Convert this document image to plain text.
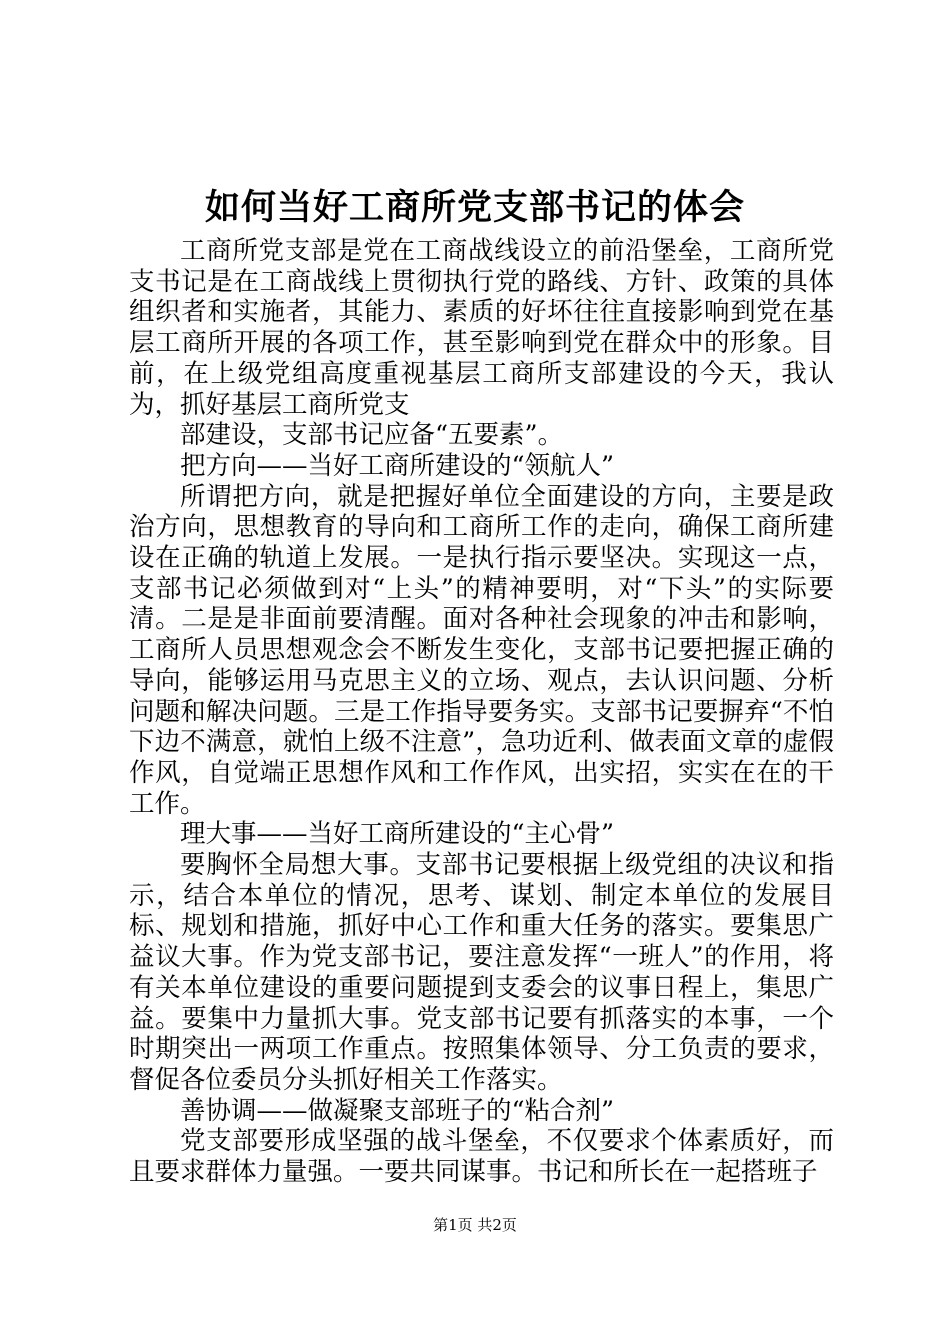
如何当好工商所党支部书记的体会

工商所党支部是党在工商战线设立的前沿堡垒，工商所党支书记是在工商战线上贯彻执行党的路线、方针、政策的具体组织者和实施者，其能力、素质的好坏往往直接影响到党在基层工商所开展的各项工作，甚至影响到党在群众中的形象。目前，在上级党组高度重视基层工商所支部建设的今天，我认为，抓好基层工商所党支

部建设，支部书记应备“五要素”。

把方向——当好工商所建设的“领航人”

所谓把方向，就是把握好单位全面建设的方向，主要是政治方向，思想教育的导向和工商所工作的走向，确保工商所建设在正确的轨道上发展。一是执行指示要坚决。实现这一点，支部书记必须做到对“上头”的精神要明，对“下头”的实际要清。二是是非面前要清醒。面对各种社会现象的冲击和影响，工商所人员思想观念会不断发生变化，支部书记要把握正确的导向，能够运用马克思主义的立场、观点，去认识问题、分析问题和解决问题。三是工作指导要务实。支部书记要摒弃“不怕下边不满意，就怕上级不注意”，急功近利、做表面文章的虚假作风，自觉端正思想作风和工作作风，出实招，实实在在的干工作。

理大事——当好工商所建设的“主心骨”

要胸怀全局想大事。支部书记要根据上级党组的决议和指示，结合本单位的情况，思考、谋划、制定本单位的发展目标、规划和措施，抓好中心工作和重大任务的落实。要集思广益议大事。作为党支部书记，要注意发挥“一班人”的作用，将有关本单位建设的重要问题提到支委会的议事日程上，集思广益。要集中力量抓大事。党支部书记要有抓落实的本事，一个时期突出一两项工作重点。按照集体领导、分工负责的要求，督促各位委员分头抓好相关工作落实。

善协调——做凝聚支部班子的“粘合剂”

党支部要形成坚强的战斗堡垒，不仅要求个体素质好，而且要求群体力量强。一要共同谋事。书记和所长在一起搭班子

第1页 共2页
